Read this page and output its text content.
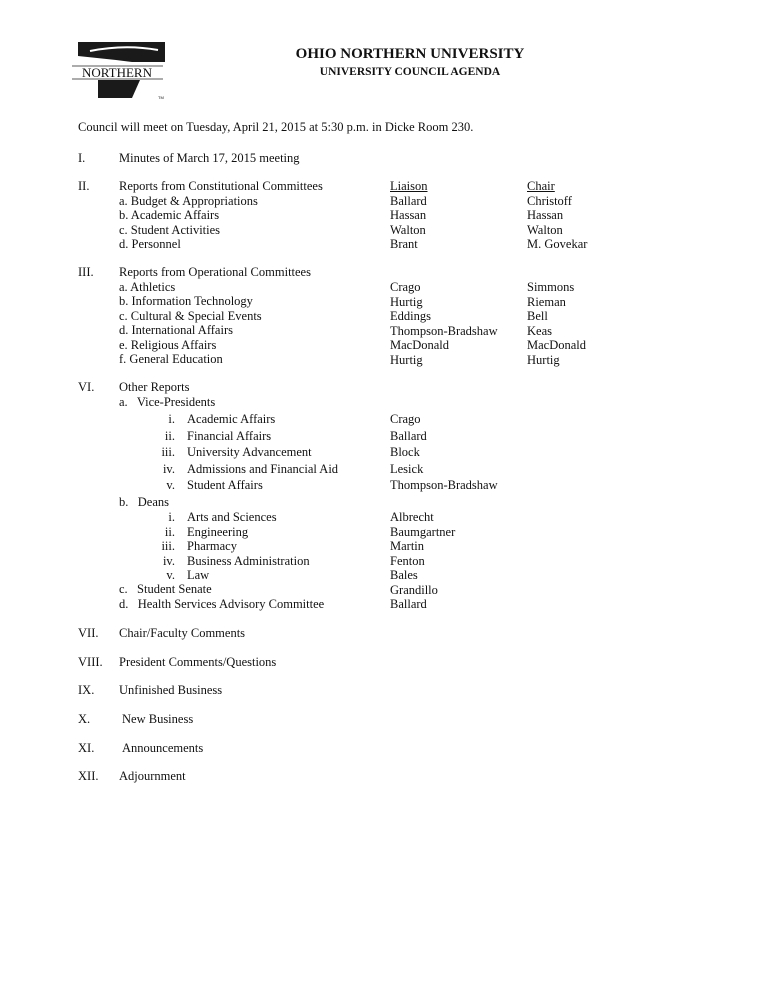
NORTHERN
TM
OHIO NORTHERN UNIVERSITY
UNIVERSITY COUNCIL AGENDA
Council will meet on Tuesday, April 21, 2015 at 5:30 p.m. in Dicke Room 230.
I.	Minutes of March 17, 2015 meeting
II. Reports from Constitutional Committees
a. Budget & Appropriations
b. Academic Affairs
c. Student Activities
d. Personnel
Liaison
Ballard
Hassan
Walton
Brant
Chair
Christoff
Hassan
Walton
M. Govekar
III. Reports from Operational Committees
a. Athletics
b. Information Technology
c. Cultural & Special Events
d. International Affairs
e. Religious Affairs
f. General Education
Crago
Hurtig
Eddings
Thompson-Bradshaw
MacDonald
Hurtig
Simmons
Rieman
Bell
Keas
MacDonald
Hurtig
VI. Other Reports
a.   Vice-Presidents
i. Academic Affairs
ii. Financial Affairs
iii. University Advancement
iv. Admissions and Financial Aid
v. Student Affairs
Crago
Ballard
Block
Lesick
Thompson-Bradshaw
b.   Deans
i. Arts and Sciences
ii. Engineering
iii. Pharmacy
iv. Business Administration
v. Law
c.   Student Senate
d.   Health Services Advisory Committee
Albrecht
Baumgartner
Martin
Fenton
Bales
Grandillo
Ballard
VII. Chair/Faculty Comments
VIII. President Comments/Questions
IX. Unfinished Business
X.	New Business
XI. Announcements
XII. Adjournment
